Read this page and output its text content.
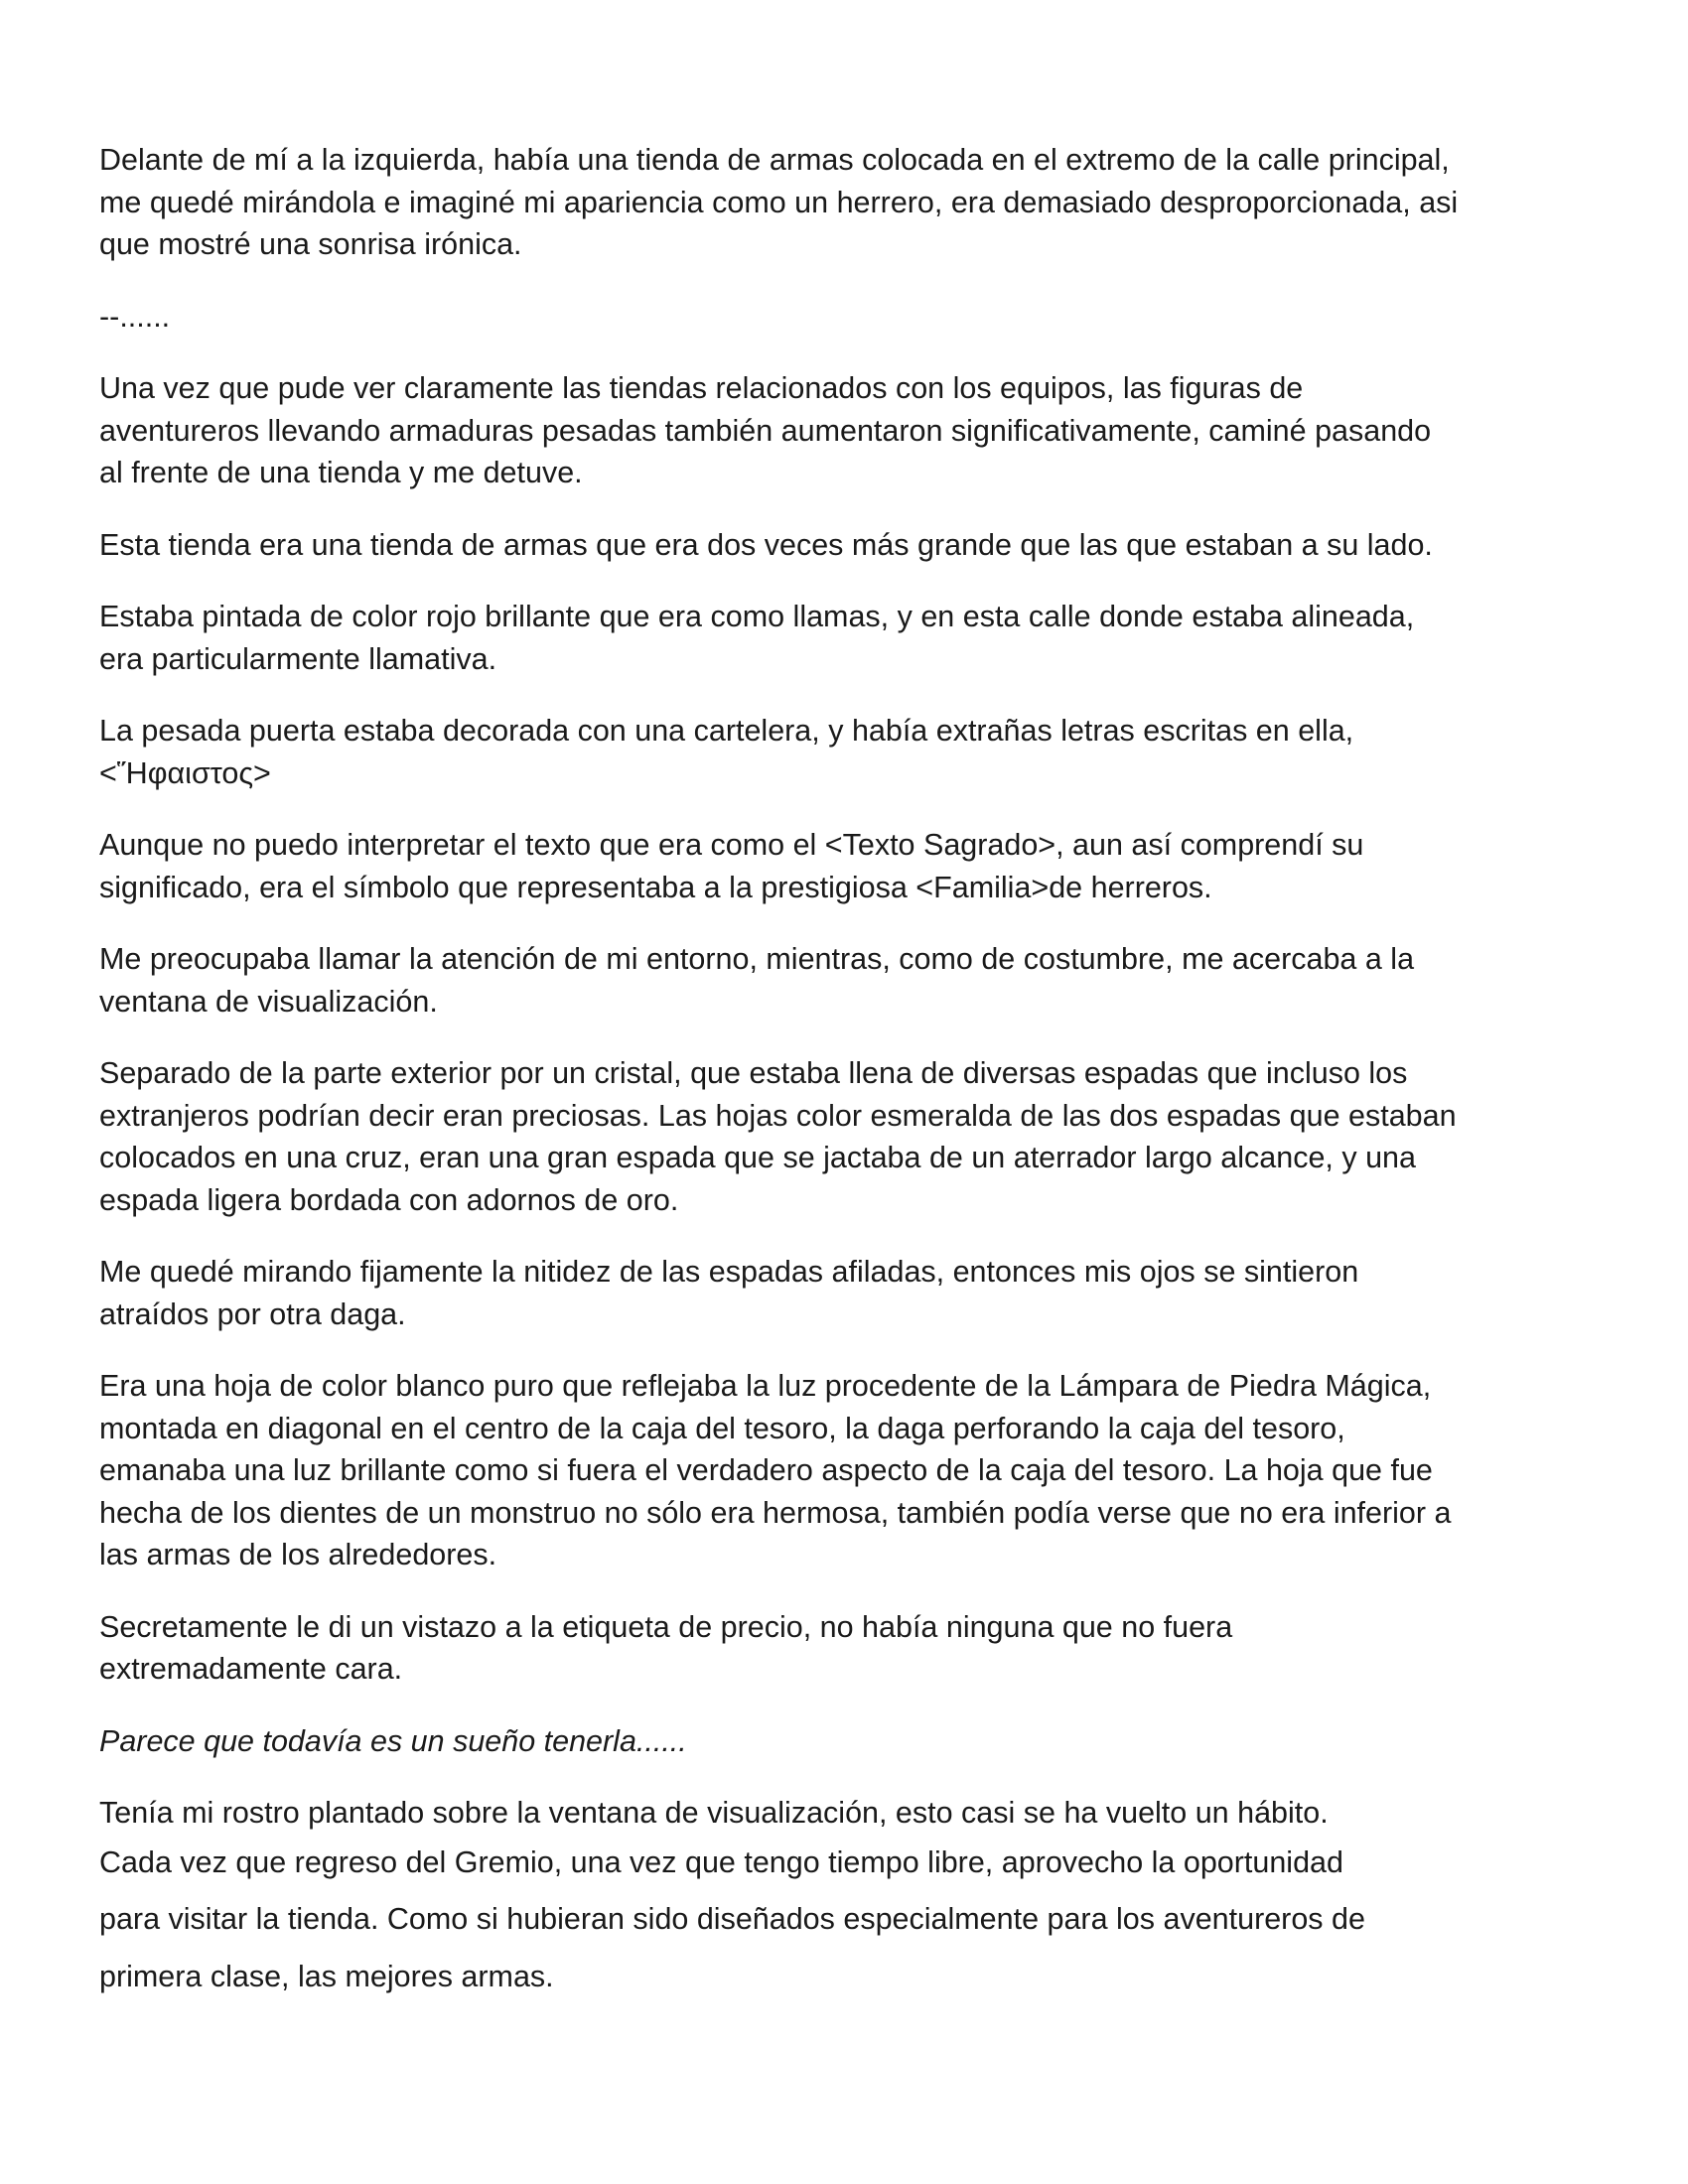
Delante de mí a la izquierda, había una tienda de armas colocada en el extremo de la calle principal,
me quedé mirándola e imaginé mi apariencia como un herrero, era demasiado desproporcionada, asi
que mostré una sonrisa irónica.

--......

Una vez que pude ver claramente las tiendas relacionados con los equipos, las figuras de
aventureros llevando armaduras pesadas también aumentaron significativamente, caminé pasando
al frente de una tienda y me detuve.

Esta tienda era una tienda de armas que era dos veces más grande que las que estaban a su lado.

Estaba pintada de color rojo brillante que era como llamas, y en esta calle donde estaba alineada,
era particularmente llamativa.

La pesada puerta estaba decorada con una cartelera, y había extrañas letras escritas en ella,
<Ἥφαιστος>

Aunque no puedo interpretar el texto que era como el <Texto Sagrado>, aun así comprendí su
significado, era el símbolo que representaba a la prestigiosa <Familia>de herreros.

Me preocupaba llamar la atención de mi entorno, mientras, como de costumbre, me acercaba a la
ventana de visualización.

Separado de la parte exterior por un cristal, que estaba llena de diversas espadas que incluso los
extranjeros podrían decir eran preciosas. Las hojas color esmeralda de las dos espadas que estaban
colocados en una cruz, eran una gran espada que se jactaba de un aterrador largo alcance, y una
espada ligera bordada con adornos de oro.

Me quedé mirando fijamente la nitidez de las espadas afiladas, entonces mis ojos se sintieron
atraídos por otra daga.

Era una hoja de color blanco puro que reflejaba la luz procedente de la Lámpara de Piedra Mágica,
montada en diagonal en el centro de la caja del tesoro, la daga perforando la caja del tesoro,
emanaba una luz brillante como si fuera el verdadero aspecto de la caja del tesoro. La hoja que fue
hecha de los dientes de un monstruo no sólo era hermosa, también podía verse que no era inferior a
las armas de los alrededores.

Secretamente le di un vistazo a la etiqueta de precio, no había ninguna que no fuera
extremadamente cara.

Parece que todavía es un sueño tenerla......

Tenía mi rostro plantado sobre la ventana de visualización, esto casi se ha vuelto un hábito.
Cada vez que regreso del Gremio, una vez que tengo tiempo libre, aprovecho la oportunidad
para visitar la tienda. Como si hubieran sido diseñados especialmente para los aventureros de
primera clase, las mejores armas.
